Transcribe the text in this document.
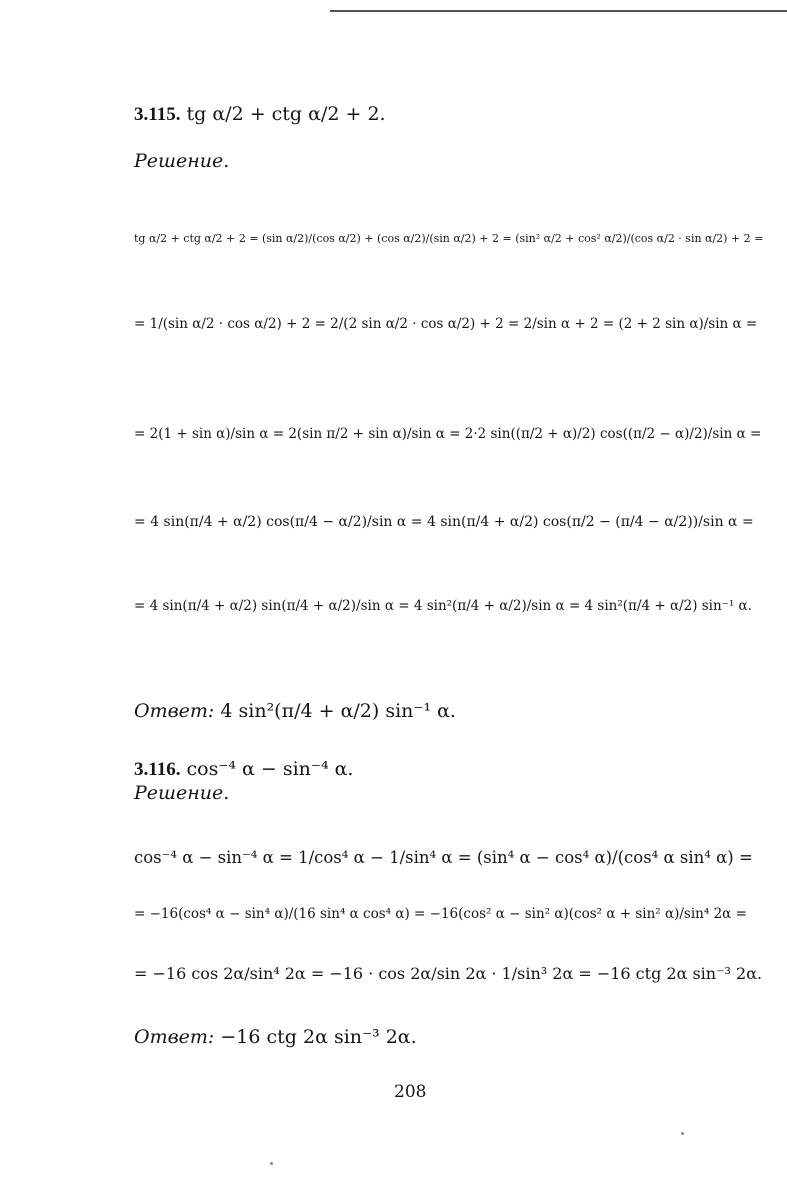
3.115. tg α/2 + ctg α/2 + 2.
Решение.
tg α/2 + ctg α/2 + 2 = (sin α/2)/(cos α/2) + (cos α/2)/(sin α/2) + 2 = (sin² α/2 + cos² α/2)/(cos α/2 · sin α/2) + 2 =
= 1/(sin α/2 · cos α/2) + 2 = 2/(2 sin α/2 · cos α/2) + 2 = 2/sin α + 2 = (2 + 2 sin α)/sin α =
= 2(1 + sin α)/sin α = 2(sin π/2 + sin α)/sin α = 2·2 sin((π/2 + α)/2) cos((π/2 − α)/2)/sin α =
= 4 sin(π/4 + α/2) cos(π/4 − α/2)/sin α = 4 sin(π/4 + α/2) cos(π/2 − (π/4 − α/2))/sin α =
= 4 sin(π/4 + α/2) sin(π/4 + α/2)/sin α = 4 sin²(π/4 + α/2)/sin α = 4 sin²(π/4 + α/2) sin⁻¹ α.
Ответ: 4 sin²(π/4 + α/2) sin⁻¹ α.
3.116. cos⁻⁴ α − sin⁻⁴ α.
Решение.
cos⁻⁴ α − sin⁻⁴ α = 1/cos⁴ α − 1/sin⁴ α = (sin⁴ α − cos⁴ α)/(cos⁴ α sin⁴ α) =
= −16(cos⁴ α − sin⁴ α)/(16 sin⁴ α cos⁴ α) = −16(cos² α − sin² α)(cos² α + sin² α)/sin⁴ 2α =
= −16 cos 2α/sin⁴ 2α = −16 · cos 2α/sin 2α · 1/sin³ 2α = −16 ctg 2α sin⁻³ 2α.
Ответ: −16 ctg 2α sin⁻³ 2α.
208
